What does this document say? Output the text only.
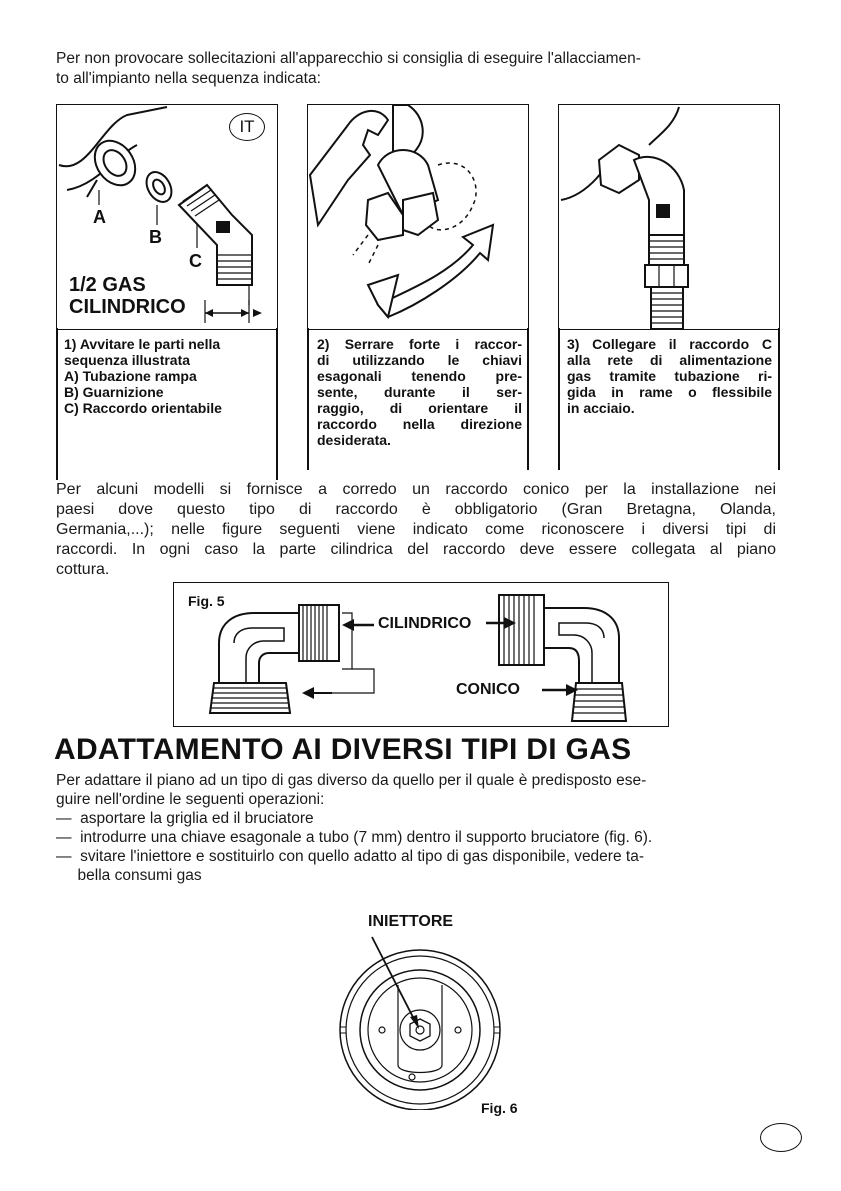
Per non provocare sollecitazioni all'apparecchio si consiglia di eseguire l'allacciamen-
to all'impianto nella sequenza indicata:
IT
A
B
C
1/2 GAS
CILINDRICO
1) Avvitare le parti nella
sequenza illustrata
A) Tubazione rampa
B) Guarnizione
C) Raccordo orientabile
2) Serrare forte i raccor-
di utilizzando le chiavi
esagonali tenendo pre-
sente, durante il ser-
raggio, di orientare il
raccordo nella direzione
desiderata.
3) Collegare il raccordo C
alla rete di alimentazione
gas tramite tubazione ri-
gida in rame o flessibile
in acciaio.
Per alcuni modelli si fornisce a corredo un raccordo conico per la installazione nei
paesi dove questo tipo di raccordo è obbligatorio (Gran Bretagna, Olanda,
Germania,...); nelle figure seguenti viene indicato come riconoscere i diversi tipi di
raccordi. In ogni caso la parte cilindrica del raccordo deve essere collegata al piano
cottura.
Fig. 5
CILINDRICO
CONICO
ADATTAMENTO AI DIVERSI TIPI DI GAS
Per adattare il piano ad un tipo di gas diverso da quello per il quale è predisposto ese-
guire nell'ordine le seguenti operazioni:
—  asportare la griglia ed il bruciatore
—  introdurre una chiave esagonale a tubo (7 mm) dentro il supporto bruciatore (fig. 6).
—  svitare l'iniettore e sostituirlo con quello adatto al tipo di gas disponibile, vedere ta-
bella consumi gas
INIETTORE
Fig. 6
